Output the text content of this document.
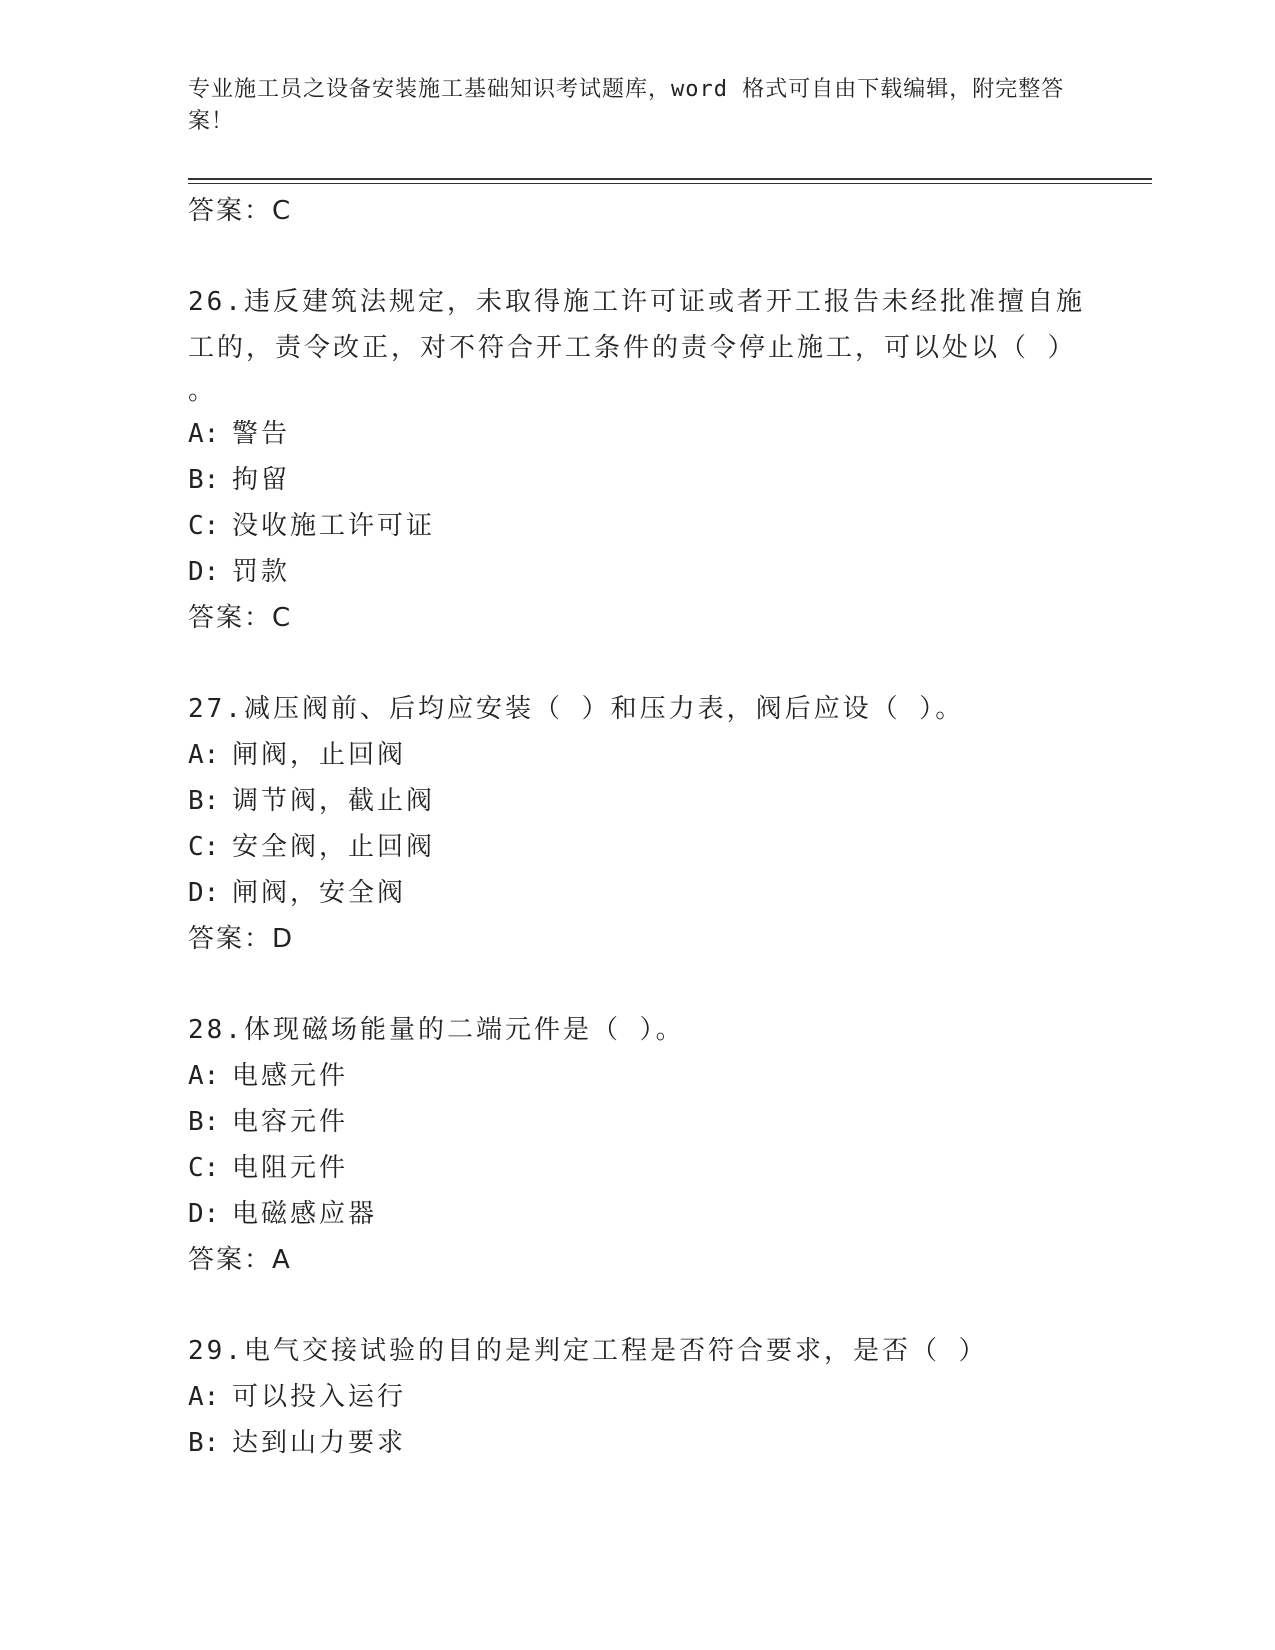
专业施工员之设备安装施工基础知识考试题库，word 格式可自由下载编辑，附完整答案！
答案：C
26.违反建筑法规定，未取得施工许可证或者开工报告未经批准擅自施
工的，责令改正，对不符合开工条件的责令停止施工，可以处以（ ）
。
A: 警告
B: 拘留
C: 没收施工许可证
D: 罚款
答案：C
27.减压阀前、后均应安装（ ）和压力表，阀后应设（ ）。
A: 闸阀，止回阀
B: 调节阀，截止阀
C: 安全阀，止回阀
D: 闸阀，安全阀
答案：D
28.体现磁场能量的二端元件是（ ）。
A: 电感元件
B: 电容元件
C: 电阻元件
D: 电磁感应器
答案：A
29.电气交接试验的目的是判定工程是否符合要求，是否（ ）
A: 可以投入运行
B: 达到山力要求
